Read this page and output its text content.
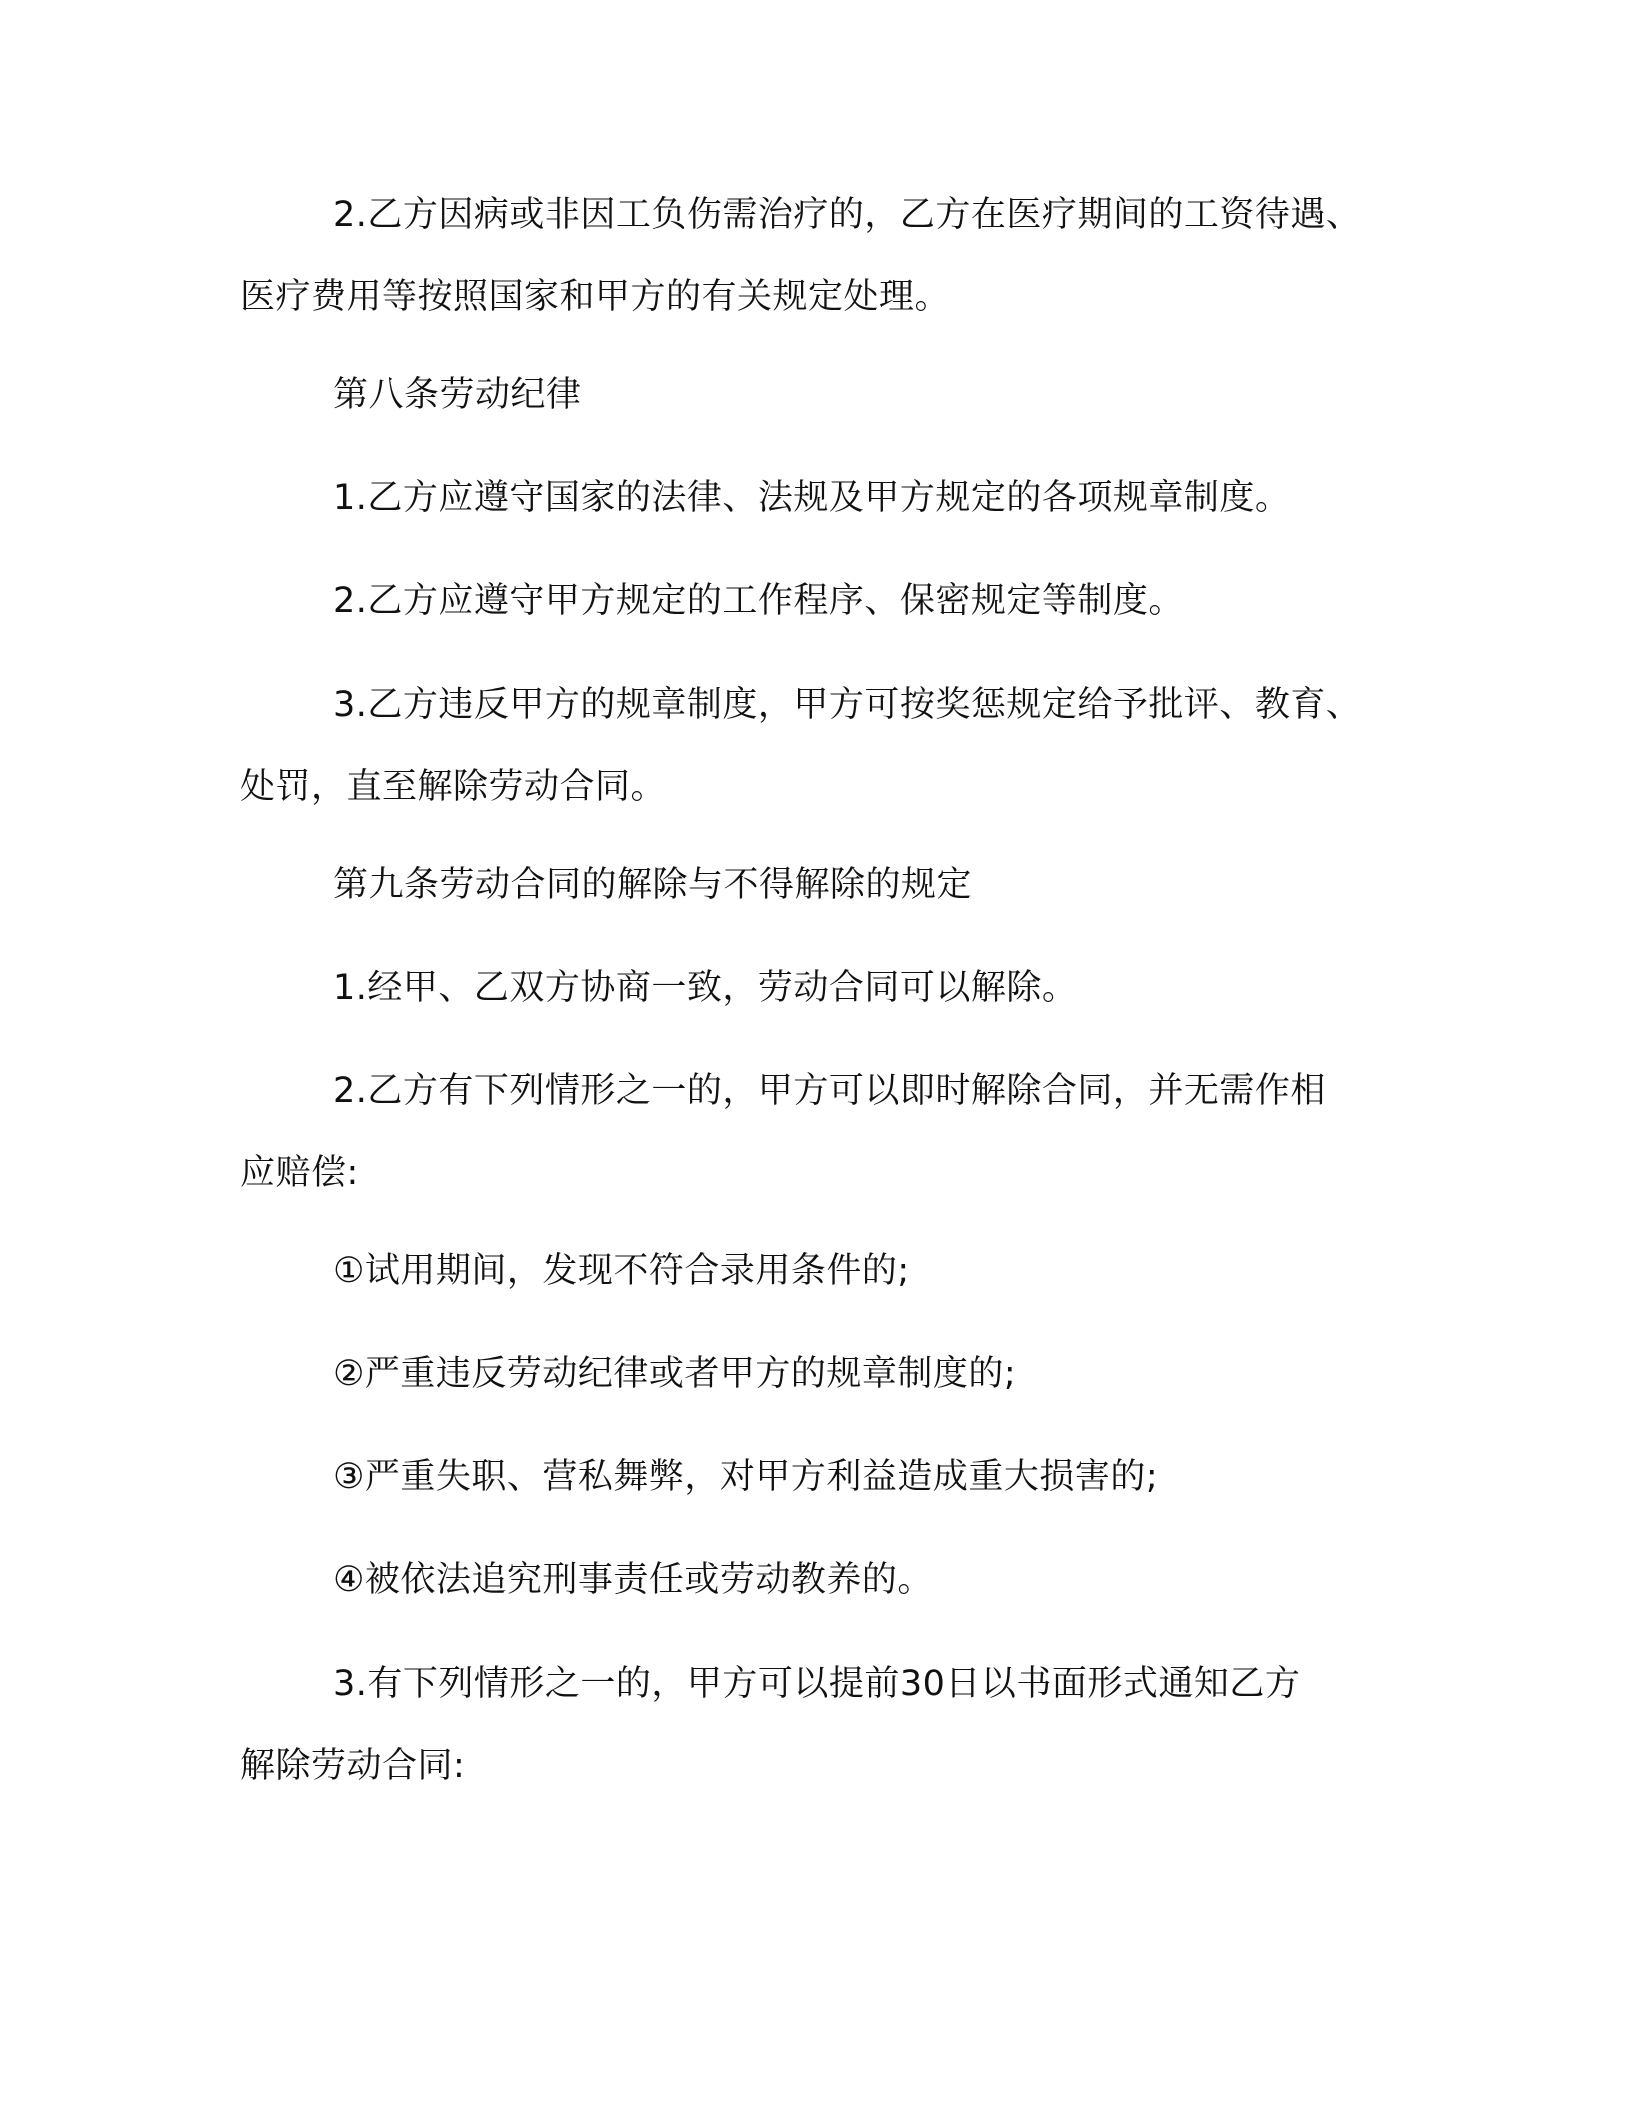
2.乙方因病或非因工负伤需治疗的，乙方在医疗期间的工资待遇、
医疗费用等按照国家和甲方的有关规定处理。

第八条劳动纪律

1.乙方应遵守国家的法律、法规及甲方规定的各项规章制度。

2.乙方应遵守甲方规定的工作程序、保密规定等制度。

3.乙方违反甲方的规章制度，甲方可按奖惩规定给予批评、教育、
处罚，直至解除劳动合同。

第九条劳动合同的解除与不得解除的规定

1.经甲、乙双方协商一致，劳动合同可以解除。

2.乙方有下列情形之一的，甲方可以即时解除合同，并无需作相
应赔偿:

①试用期间，发现不符合录用条件的;

②严重违反劳动纪律或者甲方的规章制度的;

③严重失职、营私舞弊，对甲方利益造成重大损害的;

④被依法追究刑事责任或劳动教养的。

3.有下列情形之一的，甲方可以提前30日以书面形式通知乙方
解除劳动合同:
